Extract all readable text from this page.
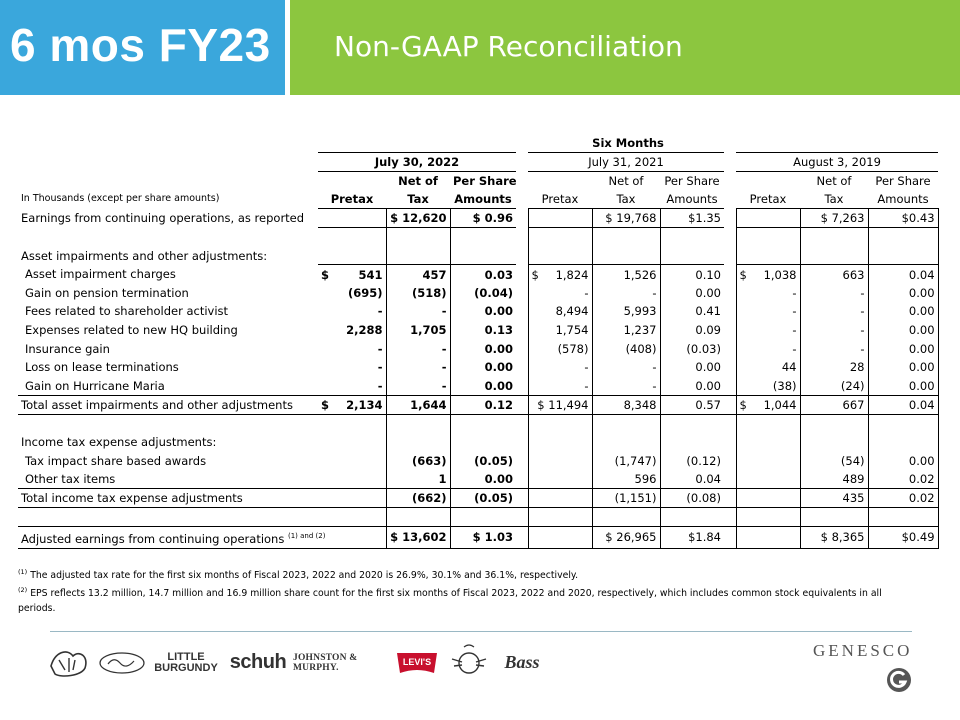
6 mos FY23 Non-GAAP Reconciliation
	Six Months										
	July 30, 2022				July 31, 2021				August 3, 2019		
		Net of	Per Share			Net of	Per Share			Net of	Per Share
In Thousands (except per share amounts)	Pretax	Tax	Amounts		Pretax	Tax	Amounts		Pretax	Tax	Amounts
Earnings from continuing operations, as reported		$ 12,620	$ 0.96			$ 19,768	$1.35			$ 7,263	$0.43

Asset impairments and other adjustments:											
Asset impairment charges	$ 541	457	0.03		$ 1,824	1,526	0.10		$ 1,038	663	0.04
Gain on pension termination	(695)	(518)	(0.04)		-	-	0.00		-	-	0.00
Fees related to shareholder activist	-	-	0.00		8,494	5,993	0.41		-	-	0.00
Expenses related to new HQ building	2,288	1,705	0.13		1,754	1,237	0.09		-	-	0.00
Insurance gain	-	-	0.00		(578)	(408)	(0.03)		-	-	0.00
Loss on lease terminations	-	-	0.00		-	-	0.00		44	28	0.00
Gain on Hurricane Maria	-	-	0.00		-	-	0.00		(38)	(24)	0.00
Total asset impairments and other adjustments	$ 2,134	1,644	0.12		$ 11,494	8,348	0.57		$ 1,044	667	0.04

Income tax expense adjustments:											
Tax impact share based awards		(663)	(0.05)			(1,747)	(0.12)			(54)	0.00
Other tax items		1	0.00			596	0.04			489	0.02
Total income tax expense adjustments		(662)	(0.05)			(1,151)	(0.08)			435	0.02

Adjusted earnings from continuing operations $^{(1) and (2)}$		$ 13,602	$ 1.03			$ 26,965	$1.84			$ 8,365	$0.49
$^{(1)}$ The adjusted tax rate for the first six months of Fiscal 2023, 2022 and 2020 is 26.9%, 30.1% and 36.1%, respectively.
$^{(2)}$ EPS reflects 13.2 million, 14.7 million and 16.9 million share count for the first six months of Fiscal 2023, 2022 and 2020, respectively, which includes common stock equivalents in all periods.
LITTLE
BURGUNDY schuh JOHNSTON & MURPHY.
LEVI'S	Bass
GENESCO
